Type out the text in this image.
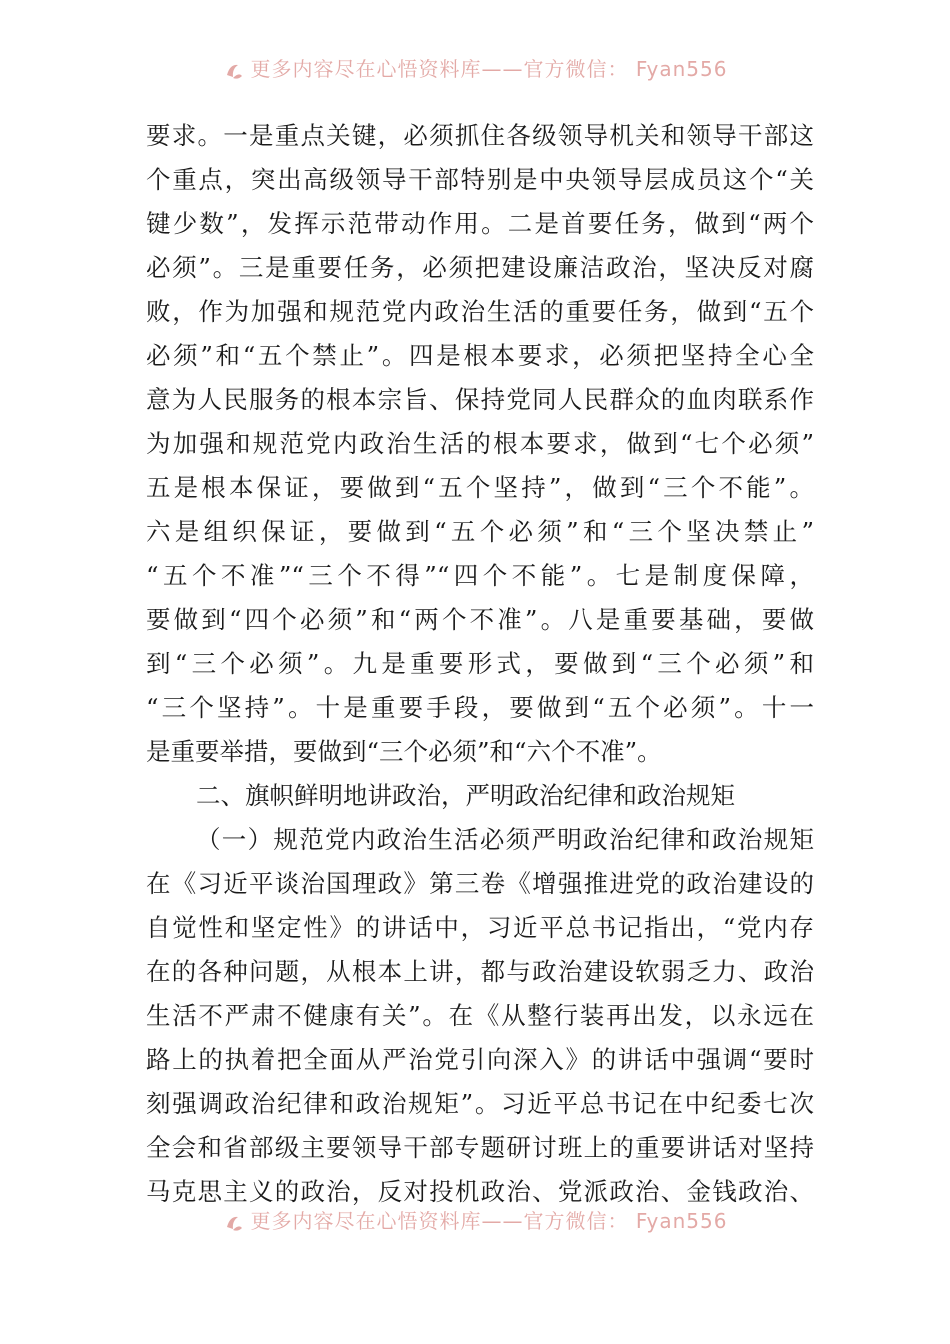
更多内容尽在心悟资料库——官方微信： Fyan556
要求。一是重点关键，必须抓住各级领导机关和领导干部这
个重点，突出高级领导干部特别是中央领导层成员这个“关
键少数”，发挥示范带动作用。二是首要任务，做到“两个
必须”。三是重要任务，必须把建设廉洁政治，坚决反对腐
败，作为加强和规范党内政治生活的重要任务，做到“五个
必须”和“五个禁止”。四是根本要求，必须把坚持全心全
意为人民服务的根本宗旨、保持党同人民群众的血肉联系作
为加强和规范党内政治生活的根本要求，做到“七个必须”
五是根本保证，要做到“五个坚持”，做到“三个不能”。
六是组织保证，要做到“五个必须”和“三个坚决禁止”
“五个不准”“三个不得”“四个不能”。七是制度保障，
要做到“四个必须”和“两个不准”。八是重要基础，要做
到“三个必须”。九是重要形式，要做到“三个必须”和
“三个坚持”。十是重要手段，要做到“五个必须”。十一
是重要举措，要做到“三个必须”和“六个不准”。
二、旗帜鲜明地讲政治，严明政治纪律和政治规矩
（一）规范党内政治生活必须严明政治纪律和政治规矩
在《习近平谈治国理政》第三卷《增强推进党的政治建设的
自觉性和坚定性》的讲话中，习近平总书记指出，“党内存
在的各种问题，从根本上讲，都与政治建设软弱乏力、政治
生活不严肃不健康有关”。在《从整行装再出发，以永远在
路上的执着把全面从严治党引向深入》的讲话中强调“要时
刻强调政治纪律和政治规矩”。习近平总书记在中纪委七次
全会和省部级主要领导干部专题研讨班上的重要讲话对坚持
马克思主义的政治，反对投机政治、党派政治、金钱政治、
更多内容尽在心悟资料库——官方微信： Fyan556
